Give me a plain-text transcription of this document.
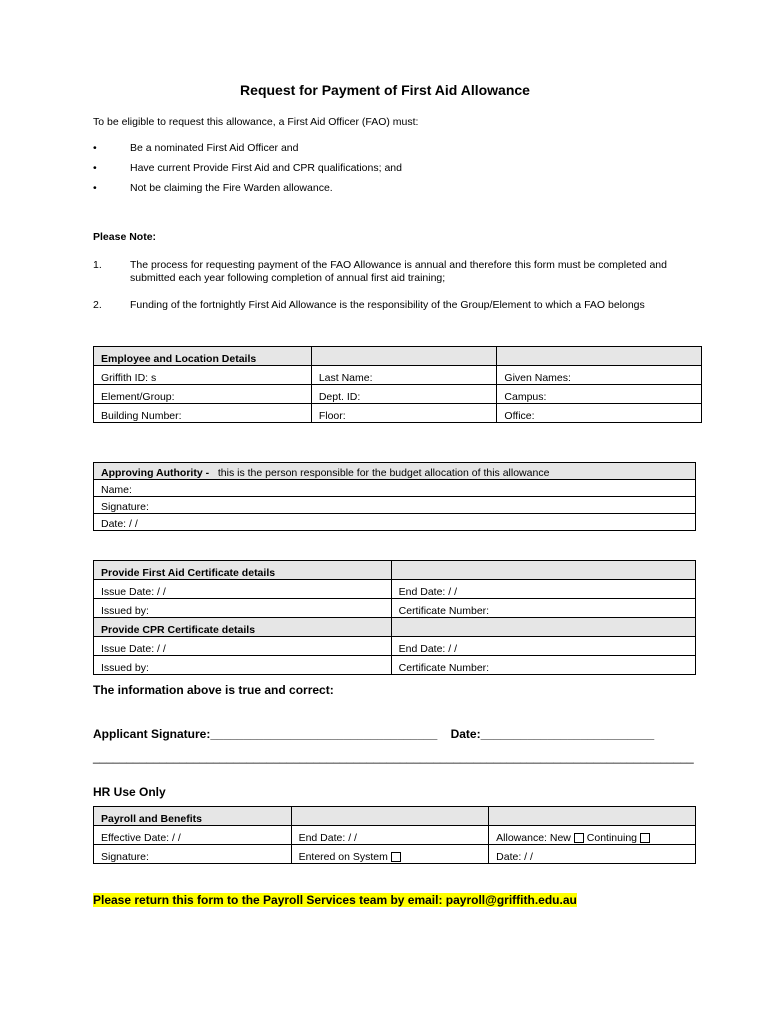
Request for Payment of First Aid Allowance
To be eligible to request this allowance, a First Aid Officer (FAO) must:
•	Be a nominated First Aid Officer and
•	Have current Provide First Aid and CPR qualifications; and
•	Not be claiming the Fire Warden allowance.
Please Note:
1.	The process for requesting payment of the FAO Allowance is annual and therefore this form must be completed and submitted each year following completion of annual first aid training;
2.	Funding of the fortnightly First Aid Allowance is the responsibility of the Group/Element to which a FAO belongs
Employee and Location Details		
Griffith ID: s	Last Name:	Given Names:
Element/Group:	Dept. ID:	Campus:
Building Number:	Floor:	Office:
Approving Authority - this is the person responsible for the budget allocation of this allowance
Name:
Signature:
Date: / /
Provide First Aid Certificate details	
Issue Date: / /	End Date: / /
Issued by:	Certificate Number:
Provide CPR Certificate details	
Issue Date: / /	End Date: / /
Issued by:	Certificate Number:
The information above is true and correct:
Applicant Signature:__________________________________ Date:__________________________
__________________________________________________________________________________________
HR Use Only
Payroll and Benefits		
Effective Date: / /	End Date: / /	Allowance: New Continuing
Signature:	Entered on System	Date: / /
Please return this form to the Payroll Services team by email: payroll@griffith.edu.au
